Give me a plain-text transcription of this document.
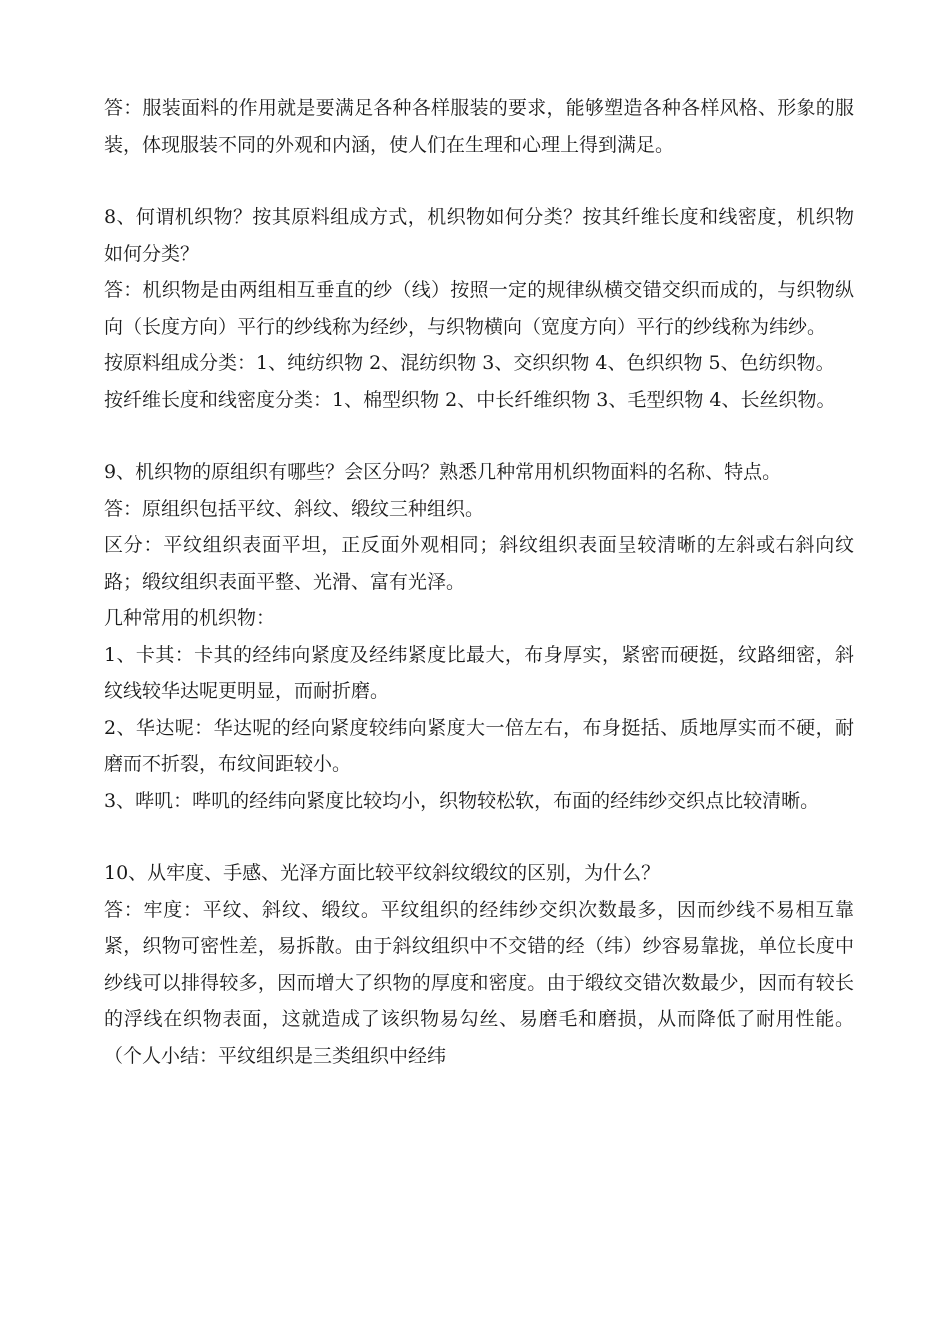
答：服装面料的作用就是要满足各种各样服装的要求，能够塑造各种各样风格、形象的服装，体现服装不同的外观和内涵，使人们在生理和心理上得到满足。

8、何谓机织物？按其原料组成方式，机织物如何分类？按其纤维长度和线密度，机织物如何分类？

答：机织物是由两组相互垂直的纱（线）按照一定的规律纵横交错交织而成的，与织物纵向（长度方向）平行的纱线称为经纱，与织物横向（宽度方向）平行的纱线称为纬纱。

按原料组成分类：1、纯纺织物 2、混纺织物 3、交织织物 4、色织织物 5、色纺织物。

按纤维长度和线密度分类：1、棉型织物 2、中长纤维织物 3、毛型织物 4、长丝织物。

9、机织物的原组织有哪些？会区分吗？熟悉几种常用机织物面料的名称、特点。

答：原组织包括平纹、斜纹、缎纹三种组织。

区分：平纹组织表面平坦，正反面外观相同；斜纹组织表面呈较清晰的左斜或右斜向纹路；缎纹组织表面平整、光滑、富有光泽。

几种常用的机织物：

1、卡其：卡其的经纬向紧度及经纬紧度比最大，布身厚实，紧密而硬挺，纹路细密，斜纹线较华达呢更明显，而耐折磨。

2、华达呢：华达呢的经向紧度较纬向紧度大一倍左右，布身挺括、质地厚实而不硬，耐磨而不折裂，布纹间距较小。

3、哔叽：哔叽的经纬向紧度比较均小，织物较松软，布面的经纬纱交织点比较清晰。

10、从牢度、手感、光泽方面比较平纹斜纹缎纹的区别，为什么？

答：牢度：平纹、斜纹、缎纹。平纹组织的经纬纱交织次数最多，因而纱线不易相互靠紧，织物可密性差，易拆散。由于斜纹组织中不交错的经（纬）纱容易靠拢，单位长度中纱线可以排得较多，因而增大了织物的厚度和密度。由于缎纹交错次数最少，因而有较长的浮线在织物表面，这就造成了该织物易勾丝、易磨毛和磨损，从而降低了耐用性能。（个人小结：平纹组织是三类组织中经纬
